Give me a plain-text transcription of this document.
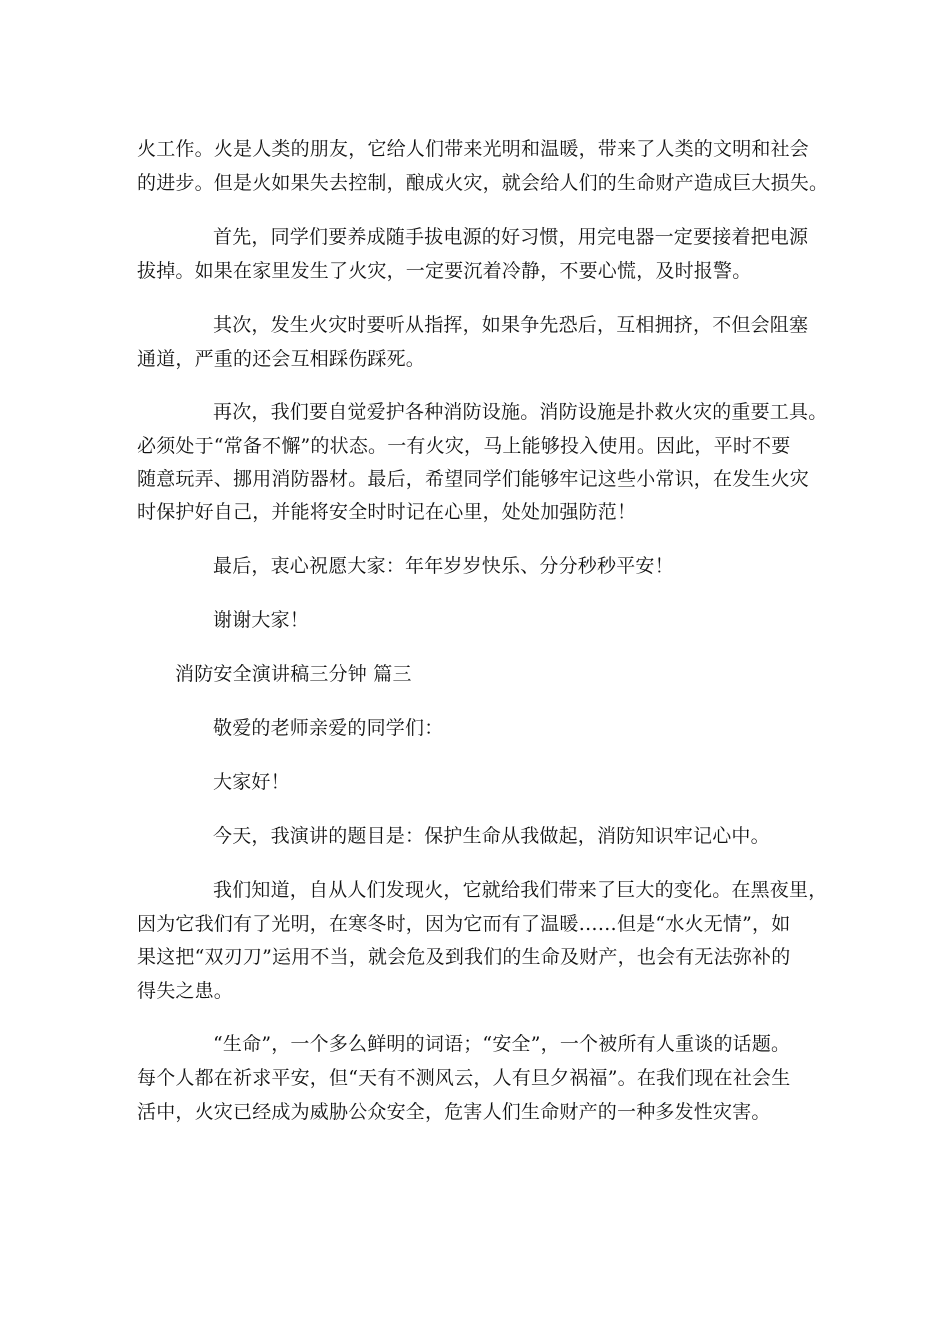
火工作。火是人类的朋友，它给人们带来光明和温暖，带来了人类的文明和社会
的进步。但是火如果失去控制，酿成火灾，就会给人们的生命财产造成巨大损失。
首先，同学们要养成随手拔电源的好习惯，用完电器一定要接着把电源
拔掉。如果在家里发生了火灾，一定要沉着冷静，不要心慌，及时报警。
其次，发生火灾时要听从指挥，如果争先恐后，互相拥挤，不但会阻塞
通道，严重的还会互相踩伤踩死。
再次，我们要自觉爱护各种消防设施。消防设施是扑救火灾的重要工具。
必须处于“常备不懈”的状态。一有火灾，马上能够投入使用。因此，平时不要
随意玩弄、挪用消防器材。最后，希望同学们能够牢记这些小常识，在发生火灾
时保护好自己，并能将安全时时记在心里，处处加强防范！
最后，衷心祝愿大家：年年岁岁快乐、分分秒秒平安！
谢谢大家！
消防安全演讲稿三分钟 篇三
敬爱的老师亲爱的同学们：
大家好！
今天，我演讲的题目是：保护生命从我做起，消防知识牢记心中。
我们知道，自从人们发现火，它就给我们带来了巨大的变化。在黑夜里，
因为它我们有了光明，在寒冬时，因为它而有了温暖……但是“水火无情”，如
果这把“双刃刀”运用不当，就会危及到我们的生命及财产，也会有无法弥补的
得失之患。
“生命”，一个多么鲜明的词语；“安全”，一个被所有人重谈的话题。
每个人都在祈求平安，但“天有不测风云，人有旦夕祸福”。在我们现在社会生
活中，火灾已经成为威胁公众安全，危害人们生命财产的一种多发性灾害。
